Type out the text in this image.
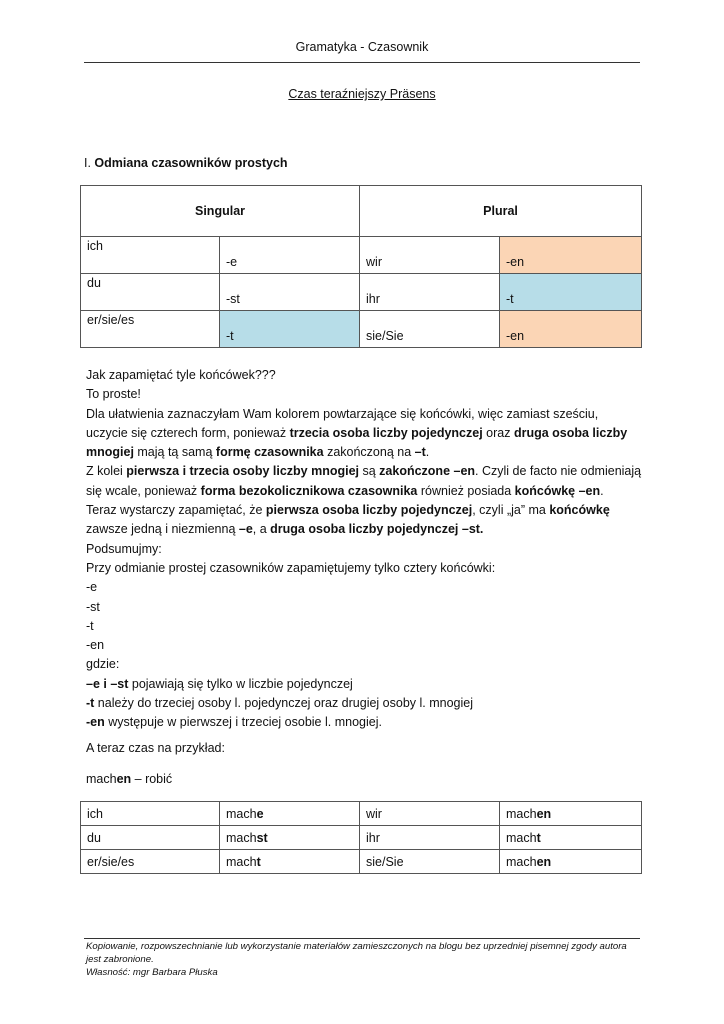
Gramatyka - Czasownik
Czas teraźniejszy Präsens
I. Odmiana czasowników prostych
Singular		Plural	
ich	-e	wir	-en
du	-st	ihr	-t
er/sie/es	-t	sie/Sie	-en

Jak zapamiętać tyle końcówek???

To proste!

Dla ułatwienia zaznaczyłam Wam kolorem powtarzające się końcówki, więc zamiast sześciu, uczycie się czterech form, ponieważ trzecia osoba liczby pojedynczej oraz druga osoba liczby mnogiej mają tą samą formę czasownika zakończoną na –t.

Z kolei pierwsza i trzecia osoby liczby mnogiej są zakończone –en. Czyli de facto nie odmieniają się wcale, ponieważ forma bezokolicznikowa czasownika również posiada końcówkę –en.

Teraz wystarczy zapamiętać, że pierwsza osoba liczby pojedynczej, czyli „ja” ma końcówkę zawsze jedną i niezmienną –e, a druga osoba liczby pojedynczej –st.

Podsumujmy:

Przy odmianie prostej czasowników zapamiętujemy tylko cztery końcówki:

-e

-st

-t

-en

gdzie:

–e i –st pojawiają się tylko w liczbie pojedynczej

-t należy do trzeciej osoby l. pojedynczej oraz drugiej osoby l. mnogiej

-en występuje w pierwszej i trzeciej osobie l. mnogiej.

A teraz czas na przykład:
machen – robić
ich	mache	wir	machen
du	machst	ihr	macht
er/sie/es	macht	sie/Sie	machen

Kopiowanie, rozpowszechnianie lub wykorzystanie materiałów zamieszczonych na blogu bez uprzedniej pisemnej zgody autora jest zabronione.

Własność: mgr Barbara Płuska
